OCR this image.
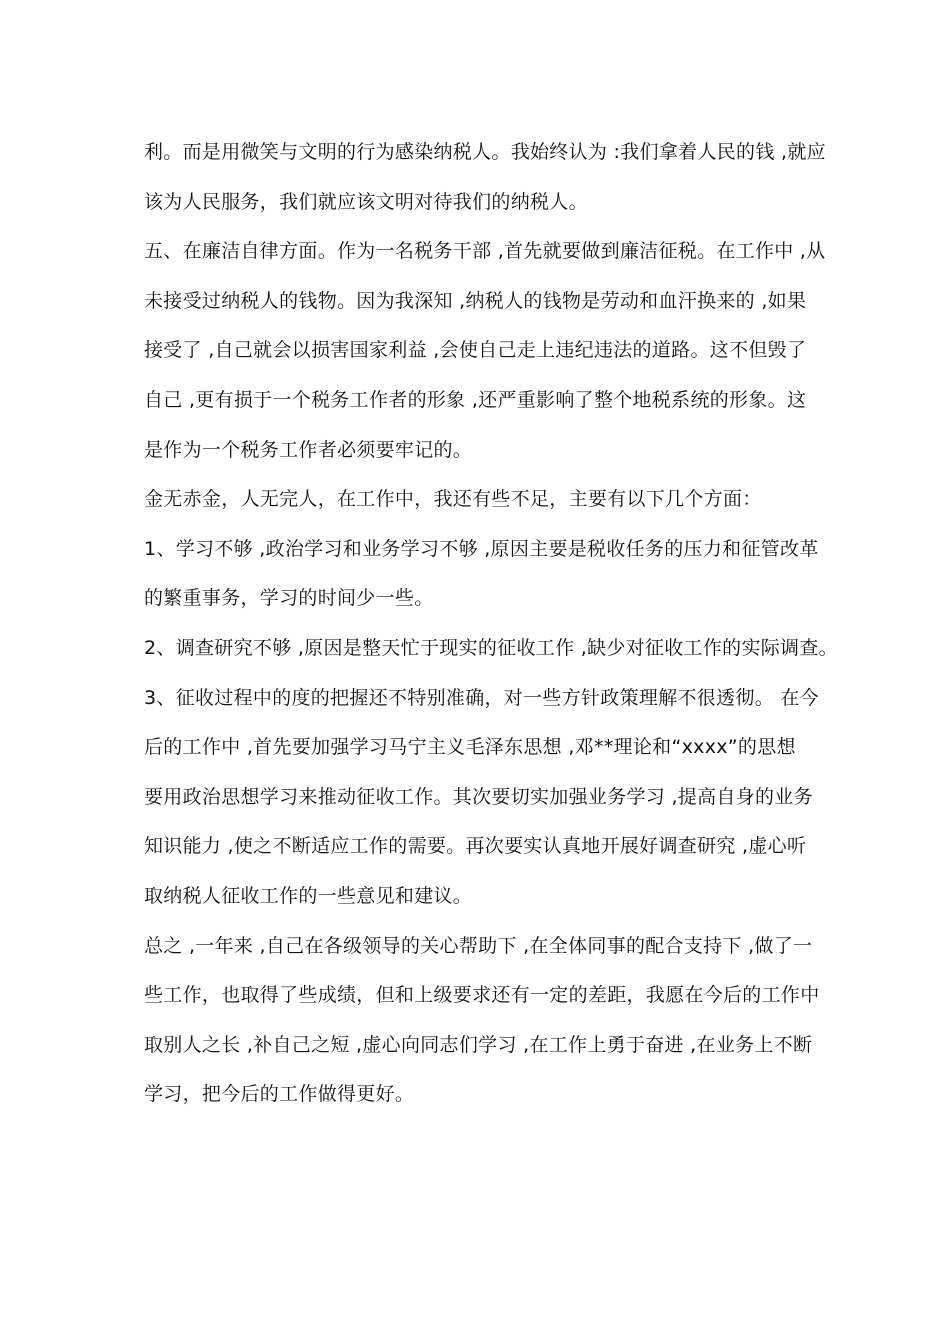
利。而是用微笑与文明的行为感染纳税人。我始终认为 :我们拿着人民的钱 ,就应
该为人民服务，我们就应该文明对待我们的纳税人。
五、在廉洁自律方面。作为一名税务干部 ,首先就要做到廉洁征税。在工作中 ,从
未接受过纳税人的钱物。因为我深知 ,纳税人的钱物是劳动和血汗换来的 ,如果
接受了 ,自己就会以损害国家利益 ,会使自己走上违纪违法的道路。这不但毁了
自己 ,更有损于一个税务工作者的形象 ,还严重影响了整个地税系统的形象。这
是作为一个税务工作者必须要牢记的。
金无赤金，人无完人，在工作中，我还有些不足，主要有以下几个方面：
1、学习不够 ,政治学习和业务学习不够 ,原因主要是税收任务的压力和征管改革
的繁重事务，学习的时间少一些。
2、调查研究不够 ,原因是整天忙于现实的征收工作 ,缺少对征收工作的实际调查。
3、征收过程中的度的把握还不特别准确，对一些方针政策理解不很透彻。 在今
后的工作中 ,首先要加强学习马宁主义毛泽东思想 ,邓**理论和“xxxx”的思想
要用政治思想学习来推动征收工作。其次要切实加强业务学习 ,提高自身的业务
知识能力 ,使之不断适应工作的需要。再次要实认真地开展好调查研究 ,虚心听
取纳税人征收工作的一些意见和建议。
总之 ,一年来 ,自己在各级领导的关心帮助下 ,在全体同事的配合支持下 ,做了一
些工作，也取得了些成绩，但和上级要求还有一定的差距，我愿在今后的工作中
取别人之长 ,补自己之短 ,虚心向同志们学习 ,在工作上勇于奋进 ,在业务上不断
学习，把今后的工作做得更好。
